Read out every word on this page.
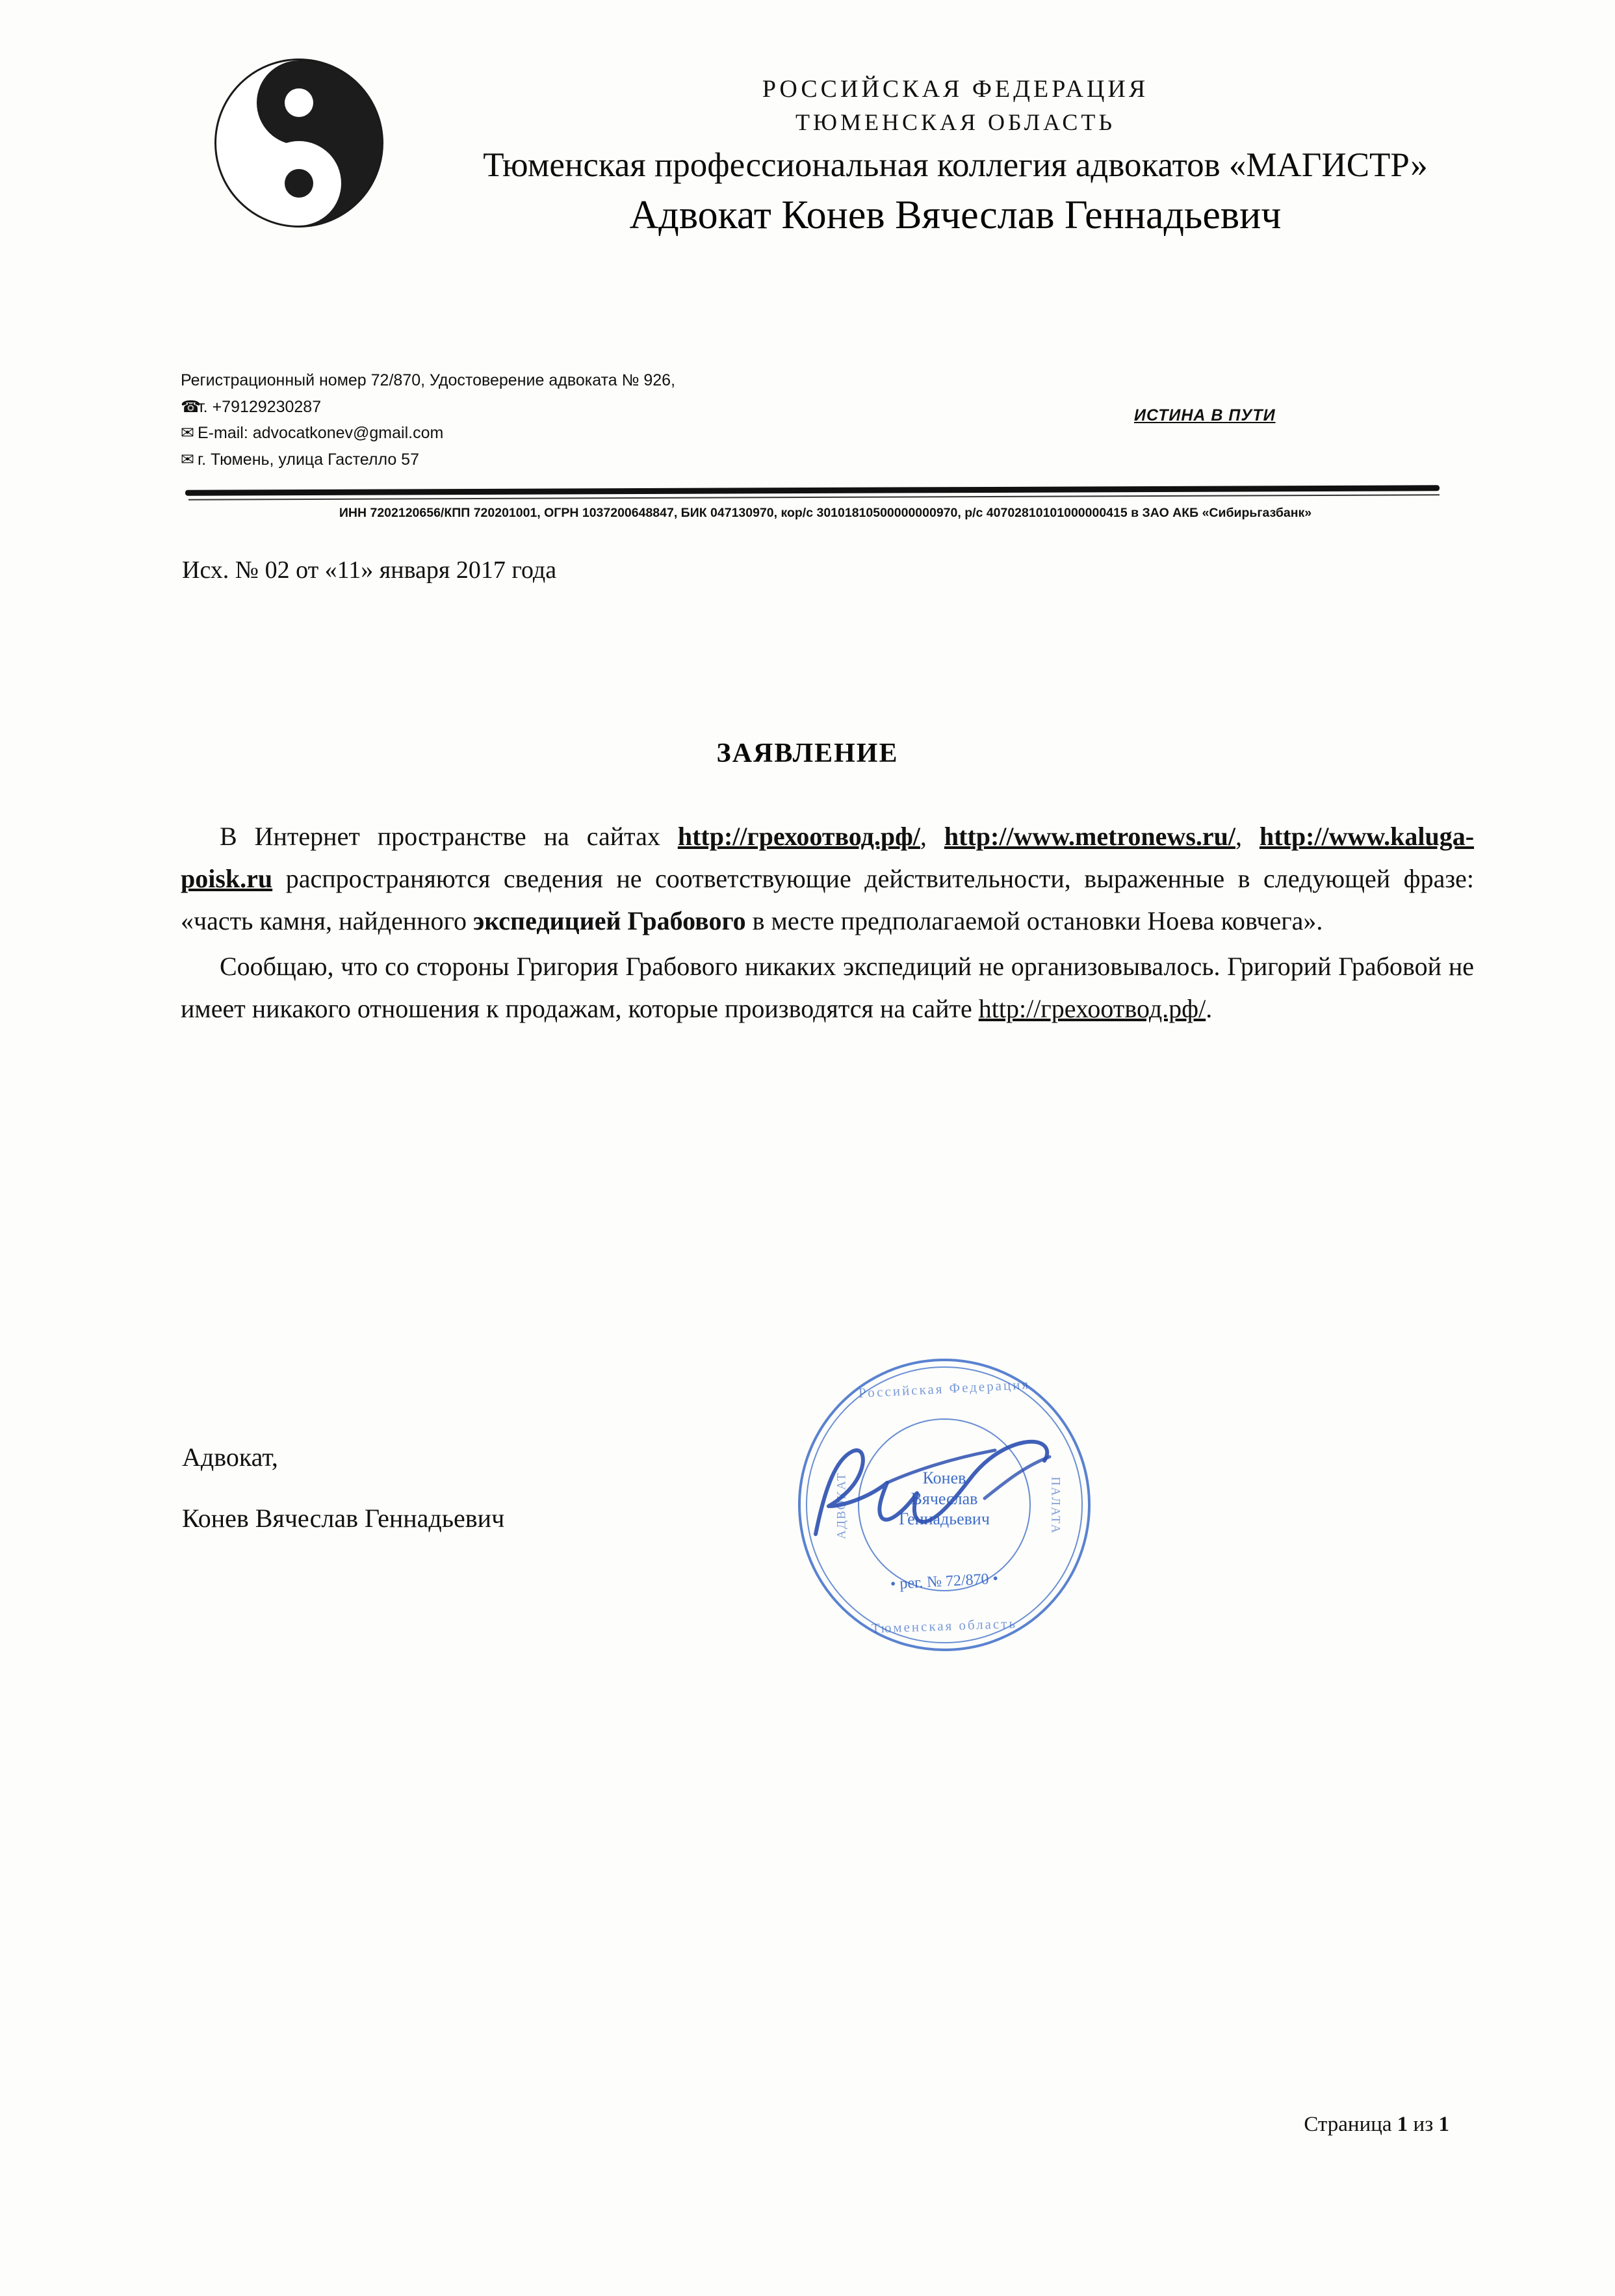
РОССИЙСКАЯ ФЕДЕРАЦИЯ
ТЮМЕНСКАЯ ОБЛАСТЬ
Тюменская профессиональная коллегия адвокатов «МАГИСТР»
Адвокат Конев Вячеслав Геннадьевич
Регистрационный номер 72/870, Удостоверение адвоката № 926,
☎т. +79129230287
✉ E-mail: advocatkonev@gmail.com
✉ г. Тюмень, улица Гастелло 57
ИСТИНА В ПУТИ
ИНН 7202120656/КПП 720201001, ОГРН 1037200648847, БИК 047130970, кор/с 30101810500000000970, р/с 40702810101000000415 в ЗАО АКБ «Сибирьгазбанк»
Исх. № 02 от «11» января 2017 года
ЗАЯВЛЕНИЕ

В Интернет пространстве на сайтах http://грехоотвод.рф/, http://www.metronews.ru/, http://www.kaluga-poisk.ru распространяются сведения не соответствующие действительности, выраженные в следующей фразе: «часть камня, найденного экспедицией Грабового в месте предполагаемой остановки Ноева ковчега».

Сообщаю, что со стороны Григория Грабового никаких экспедиций не организовывалось. Григорий Грабовой не имеет никакого отношения к продажам, которые производятся на сайте http://грехоотвод.рф/.

Адвокат,
Конев Вячеслав Геннадьевич
Российская Федерация
АДВОКАТ	ПАЛАТА
Тюменская область
Конев
Вячеслав
Геннадьевич
• рег. № 72/870 •
Страница 1 из 1
